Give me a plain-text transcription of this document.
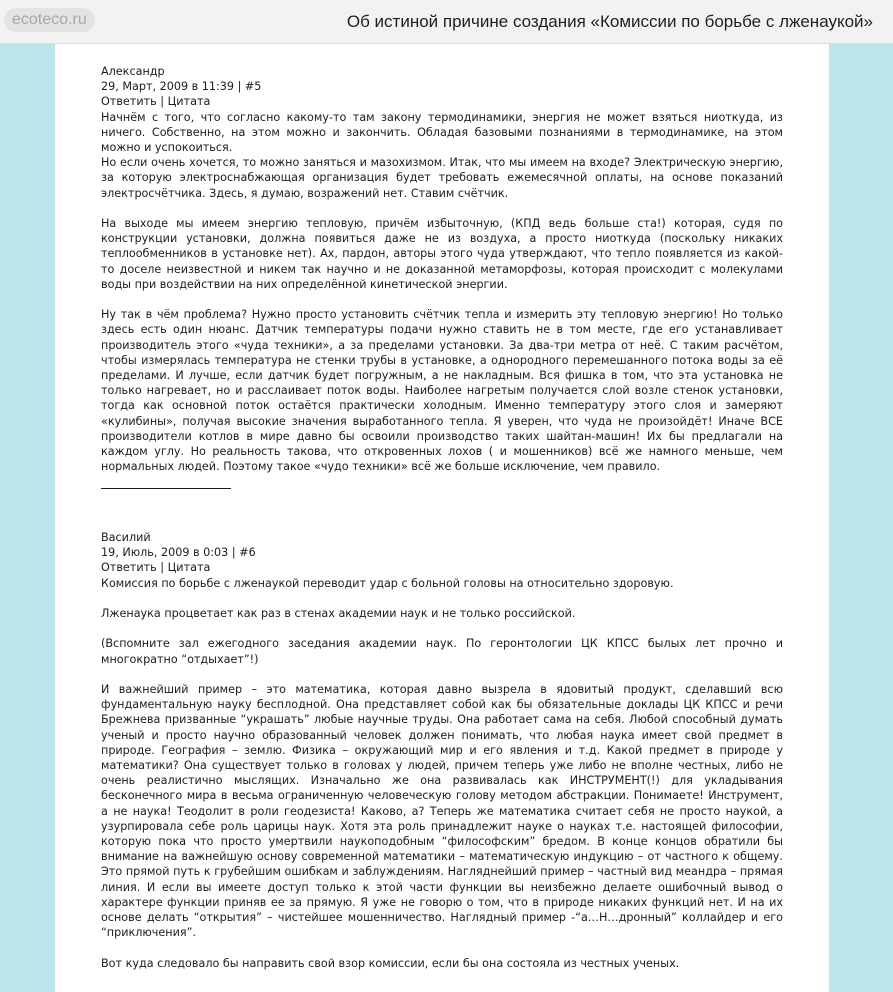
ecoteco.ru	Об истиной причине создания «Комиссии по борьбе с лженаукой»
Александр
29, Март, 2009 в 11:39 | #5
Ответить | Цитата

Начнём с того, что согласно какому-то там закону термодинамики, энергия не может взяться ниоткуда, из ничего. Собственно, на этом можно и закончить. Обладая базовыми познаниями в термодинамике, на этом можно и успокоиться.

Но если очень хочется, то можно заняться и мазохизмом. Итак, что мы имеем на входе? Электрическую энергию, за которую электроснабжающая организация будет требовать ежемесячной оплаты, на основе показаний электросчётчика. Здесь, я думаю, возражений нет. Ставим счётчик.

На выходе мы имеем энергию тепловую, причём избыточную, (КПД ведь больше ста!) которая, судя по конструкции установки, должна появиться даже не из воздуха, а просто ниоткуда (поскольку никаких теплообменников в установке нет). Ах, пардон, авторы этого чуда утверждают, что тепло появляется из какой-то доселе неизвестной и никем так научно и не доказанной метаморфозы, которая происходит с молекулами воды при воздействии на них определённой кинетической энергии.

Ну так в чём проблема? Нужно просто установить счётчик тепла и измерить эту тепловую энергию! Но только здесь есть один нюанс. Датчик температуры подачи нужно ставить не в том месте, где его устанавливает производитель этого «чуда техники», а за пределами установки. За два-три метра от неё. С таким расчётом, чтобы измерялась температура не стенки трубы в установке, а однородного перемешанного потока воды за её пределами. И лучше, если датчик будет погружным, а не накладным. Вся фишка в том, что эта установка не только нагревает, но и расслаивает поток воды. Наиболее нагретым получается слой возле стенок установки, тогда как основной поток остаётся практически холодным. Именно температуру этого слоя и замеряют «кулибины», получая высокие значения выработанного тепла. Я уверен, что чуда не произойдёт! Иначе ВСЕ производители котлов в мире давно бы освоили производство таких шайтан-машин! Их бы предлагали на каждом углу. Но реальность такова, что откровенных лохов ( и мошенников) всё же намного меньше, чем нормальных людей. Поэтому такое «чудо техники» всё же больше исключение, чем правило.

Василий
19, Июль, 2009 в 0:03 | #6
Ответить | Цитата

Комиссия по борьбе с лженаукой переводит удар с больной головы на относительно здоровую.

Лженаука процветает как раз в стенах академии наук и не только российской.

(Вспомните зал ежегодного заседания академии наук. По геронтологии ЦК КПСС былых лет прочно и многократно “отдыхает”!)

И важнейший пример – это математика, которая давно вызрела в ядовитый продукт, сделавший всю фундаментальную науку бесплодной. Она представляет собой как бы обязательные доклады ЦК КПСС и речи Брежнева призванные “украшать” любые научные труды. Она работает сама на себя. Любой способный думать ученый и просто научно образованный человек должен понимать, что любая наука имеет свой предмет в природе. География – землю. Физика – окружающий мир и его явления и т.д. Какой предмет в природе у математики? Она существует только в головах у людей, причем теперь уже либо не вполне честных, либо не очень реалистично мыслящих. Изначально же она развивалась как ИНСТРУМЕНТ(!) для укладывания бесконечного мира в весьма ограниченную человеческую голову методом абстракции. Понимаете! Инструмент, а не наука! Теодолит в роли геодезиста! Каково, а? Теперь же математика считает себя не просто наукой, а узурпировала себе роль царицы наук. Хотя эта роль принадлежит науке о науках т.е. настоящей философии, которую пока что просто умертвили наукоподобным “философским” бредом. В конце концов обратили бы внимание на важнейшую основу современной математики – математическую индукцию – от частного к общему. Это прямой путь к грубейшим ошибкам и заблуждениям. Нагляднейший пример – частный вид меандра – прямая линия. И если вы имеете доступ только к этой части функции вы неизбежно делаете ошибочный вывод о характере функции приняв ее за прямую. Я уже не говорю о том, что в природе никаких функций нет. И на их основе делать “открытия” – чистейшее мошенничество. Наглядный пример -“а…Н…дронный” коллайдер и его “приключения”.

Вот куда следовало бы направить свой взор комиссии, если бы она состояла из честных ученых.
